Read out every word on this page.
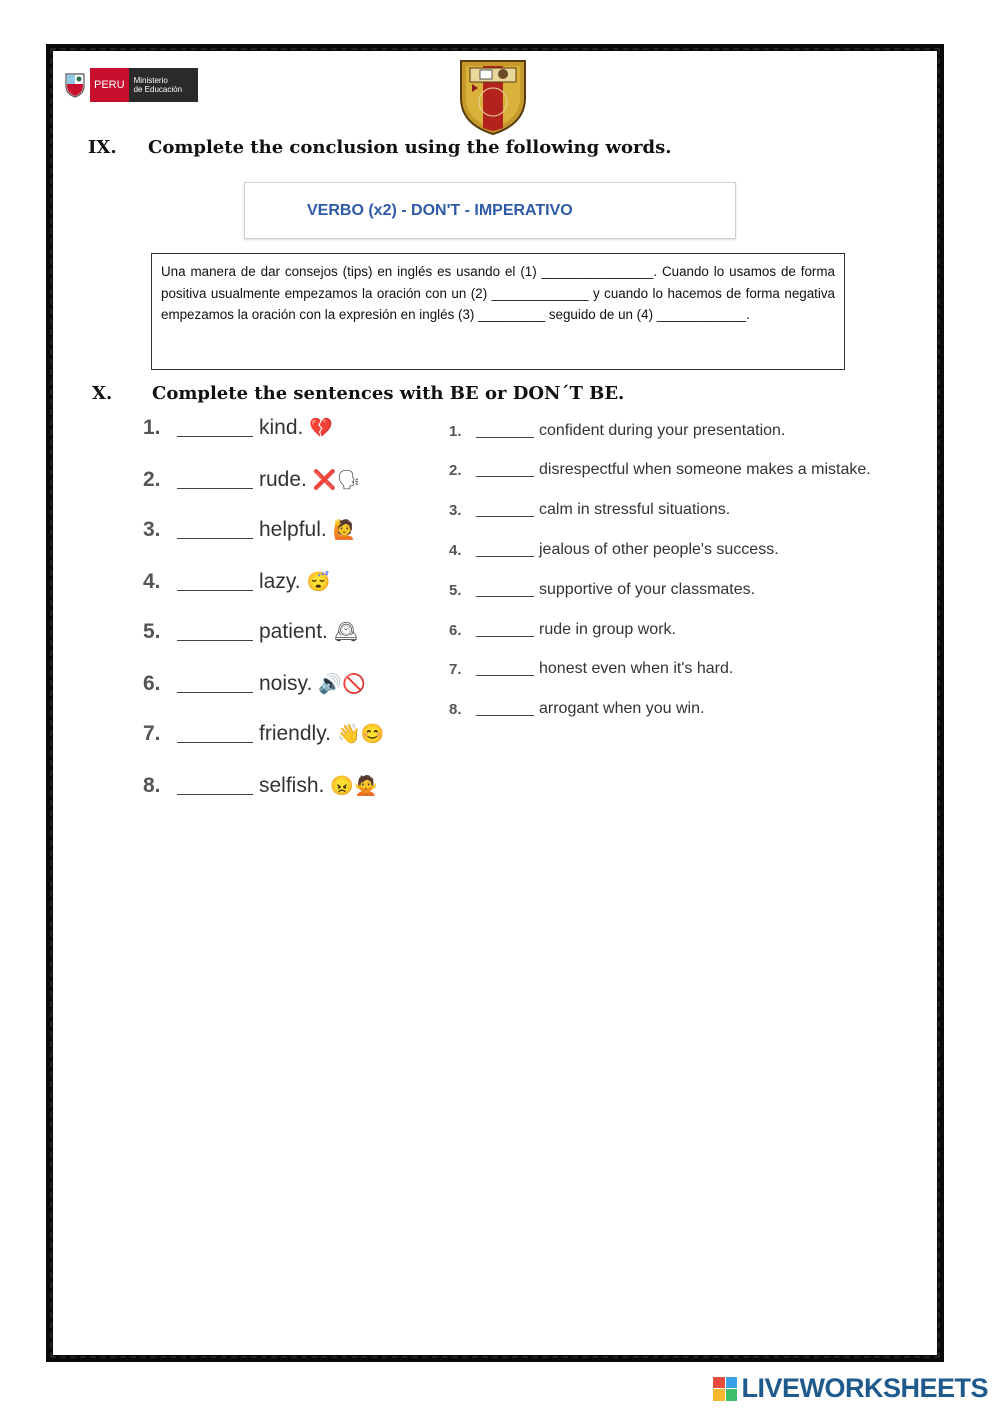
PERU	Ministerio
de Educación
IX. Complete the conclusion using the following words.
VERBO (x2) - DON'T - IMPERATIVO

Una manera de dar consejos (tips) en inglés es usando el (1) _______________. Cuando lo usamos de forma positiva usualmente empezamos la oración con un (2) _____________ y cuando lo hacemos de forma negativa empezamos la oración con la expresión en inglés (3) _________ seguido de un (4) ____________.

X. Complete the sentences with BE or DON´T BE.
1.	kind. 💔
2.	rude. ❌🗣
3.	helpful. 🙋
4.	lazy. 😴
5.	patient. 🕰
6.	noisy. 🔊🚫
7.	friendly. 👋😊
8.	selfish. 😠🙅
1.	confident during your presentation.
2.	disrespectful when someone makes a mistake.
3.	calm in stressful situations.
4.	jealous of other people's success.
5.	supportive of your classmates.
6.	rude in group work.
7.	honest even when it's hard.
8.	arrogant when you win.
LIVEWORKSHEETS
